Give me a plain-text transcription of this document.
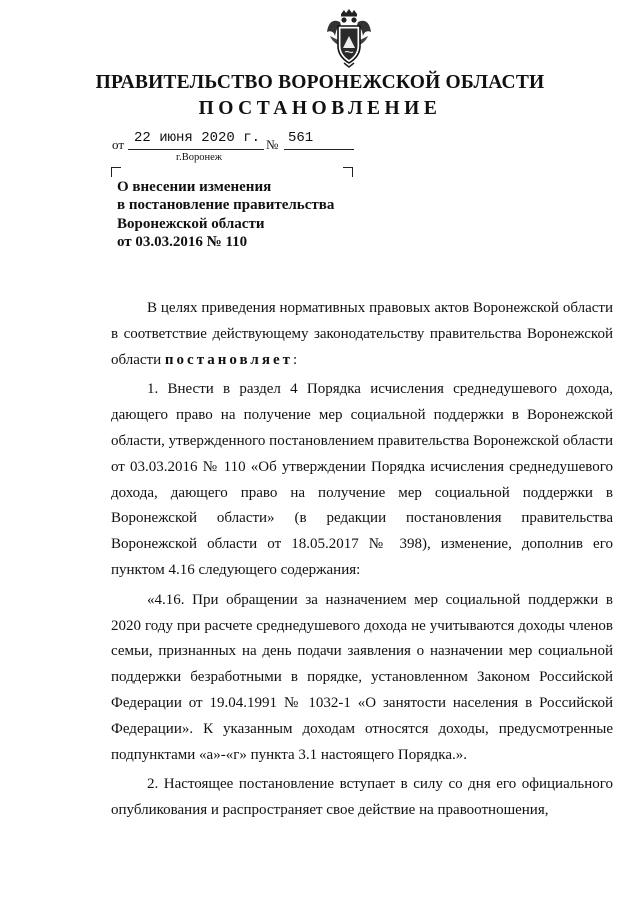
ПРАВИТЕЛЬСТВО ВОРОНЕЖСКОЙ ОБЛАСТИ
ПОСТАНОВЛЕНИЕ
от 22 июня 2020 г. № 561
г.Воронеж
О внесении изменения
в постановление правительства
Воронежской области
от 03.03.2016 № 110

В целях приведения нормативных правовых актов Воронежской области в соответствие действующему законодательству правительства Воронежской области постановляет:

1. Внести в раздел 4 Порядка исчисления среднедушевого дохода, дающего право на получение мер социальной поддержки в Воронежской области, утвержденного постановлением правительства Воронежской области от 03.03.2016 № 110 «Об утверждении Порядка исчисления среднедушевого дохода, дающего право на получение мер социальной поддержки в Воронежской области» (в редакции постановления правительства Воронежской области от 18.05.2017 № 398), изменение, дополнив его пунктом 4.16 следующего содержания:

«4.16. При обращении за назначением мер социальной поддержки в 2020 году при расчете среднедушевого дохода не учитываются доходы членов семьи, признанных на день подачи заявления о назначении мер социальной поддержки безработными в порядке, установленном Законом Российской Федерации от 19.04.1991 № 1032-1 «О занятости населения в Российской Федерации». К указанным доходам относятся доходы, предусмотренные подпунктами «а»-«г» пункта 3.1 настоящего Порядка.».

2. Настоящее постановление вступает в силу со дня его официального опубликования и распространяет свое действие на правоотношения,
